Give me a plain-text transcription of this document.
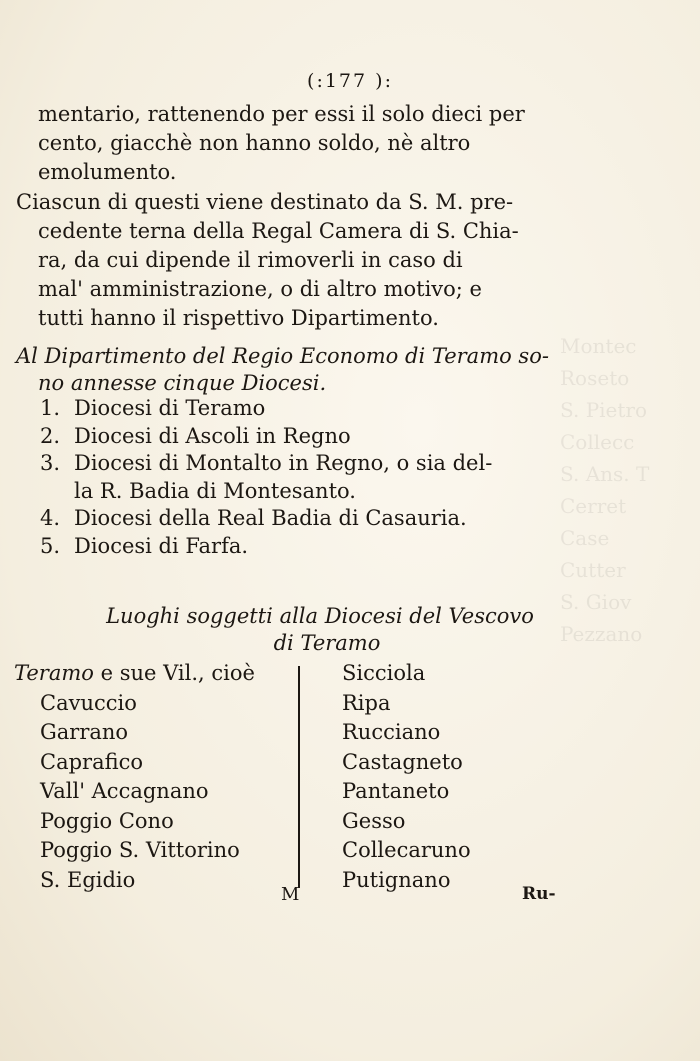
Montec
Roseto
S. Pietro
Collecc
S. Ans. T
Cerret
Case
Cutter
S. Giov
Pezzano
(:177 ):
mentario, rattenendo per essi il solo dieci per
cento, giacchè non hanno soldo, nè altro
emolumento.
Ciascun di questi viene destinato da S. M. pre-
cedente terna della Regal Camera di S. Chia-
ra, da cui dipende il rimoverli in caso di
mal' amministrazione, o di altro motivo; e
tutti hanno il rispettivo Dipartimento.
Al Dipartimento del Regio Economo di Teramo so-
no annesse cinque Diocesi.
1. Diocesi di Teramo
2. Diocesi di Ascoli in Regno
3. Diocesi di Montalto in Regno, o sia del-
la R. Badia di Montesanto.
4. Diocesi della Real Badia di Casauria.
5. Diocesi di Farfa.
Luoghi soggetti alla Diocesi del Vescovo
di Teramo
Teramo e sue Vil., cioè
Cavuccio
Garrano
Caprafico
Vall' Accagnano
Poggio Cono
Poggio S. Vittorino
S. Egidio
Sicciola
Ripa
Rucciano
Castagneto
Pantaneto
Gesso
Collecaruno
Putignano
M	Ru-
